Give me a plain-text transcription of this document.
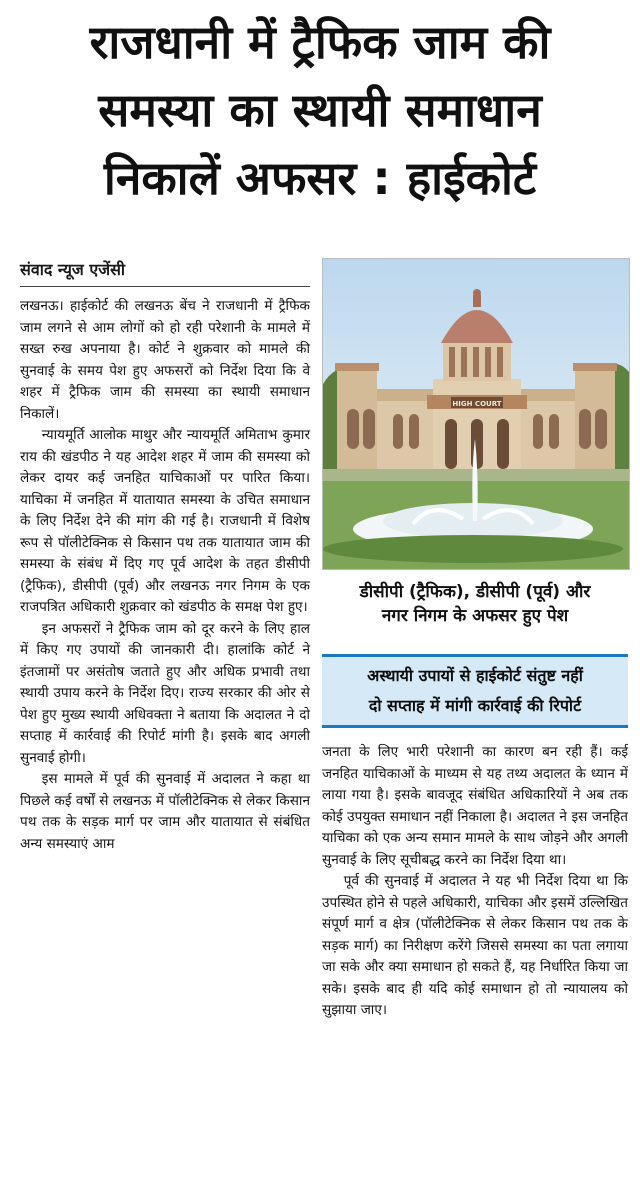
राजधानी में ट्रैफिक जाम की
समस्या का स्थायी समाधान
निकालें अफसर : हाईकोर्ट
संवाद न्यूज एजेंसी

लखनऊ। हाईकोर्ट की लखनऊ बेंच ने राजधानी में ट्रैफिक जाम लगने से आम लोगों को हो रही परेशानी के मामले में सख्त रुख अपनाया है। कोर्ट ने शुक्रवार को मामले की सुनवाई के समय पेश हुए अफसरों को निर्देश दिया कि वे शहर में ट्रैफिक जाम की समस्या का स्थायी समाधान निकालें।

न्यायमूर्ति आलोक माथुर और न्यायमूर्ति अमिताभ कुमार राय की खंडपीठ ने यह आदेश शहर में जाम की समस्या को लेकर दायर कई जनहित याचिकाओं पर पारित किया। याचिका में जनहित में यातायात समस्या के उचित समाधान के लिए निर्देश देने की मांग की गई है। राजधानी में विशेष रूप से पॉलीटेक्निक से किसान पथ तक यातायात जाम की समस्या के संबंध में दिए गए पूर्व आदेश के तहत डीसीपी (ट्रैफिक), डीसीपी (पूर्व) और लखनऊ नगर निगम के एक राजपत्रित अधिकारी शुक्रवार को खंडपीठ के समक्ष पेश हुए।

इन अफसरों ने ट्रैफिक जाम को दूर करने के लिए हाल में किए गए उपायों की जानकारी दी। हालांकि कोर्ट ने इंतजामों पर असंतोष जताते हुए और अधिक प्रभावी तथा स्थायी उपाय करने के निर्देश दिए। राज्य सरकार की ओर से पेश हुए मुख्य स्थायी अधिवक्ता ने बताया कि अदालत ने दो सप्ताह में कार्रवाई की रिपोर्ट मांगी है। इसके बाद अगली सुनवाई होगी।

इस मामले में पूर्व की सुनवाई में अदालत ने कहा था पिछले कई वर्षों से लखनऊ में पॉलीटेक्निक से लेकर किसान पथ तक के सड़क मार्ग पर जाम और यातायात से संबंधित अन्य समस्याएं आम

HIGH COURT
डीसीपी (ट्रैफिक), डीसीपी (पूर्व) और
नगर निगम के अफसर हुए पेश
अस्थायी उपायों से हाईकोर्ट संतुष्ट नहीं
दो सप्ताह में मांगी कार्रवाई की रिपोर्ट

जनता के लिए भारी परेशानी का कारण बन रही हैं। कई जनहित याचिकाओं के माध्यम से यह तथ्य अदालत के ध्यान में लाया गया है। इसके बावजूद संबंधित अधिकारियों ने अब तक कोई उपयुक्त समाधान नहीं निकाला है। अदालत ने इस जनहित याचिका को एक अन्य समान मामले के साथ जोड़ने और अगली सुनवाई के लिए सूचीबद्ध करने का निर्देश दिया था।

पूर्व की सुनवाई में अदालत ने यह भी निर्देश दिया था कि उपस्थित होने से पहले अधिकारी, याचिका और इसमें उल्लिखित संपूर्ण मार्ग व क्षेत्र (पॉलीटेक्निक से लेकर किसान पथ तक के सड़क मार्ग) का निरीक्षण करेंगे जिससे समस्या का पता लगाया जा सके और क्या समाधान हो सकते हैं, यह निर्धारित किया जा सके। इसके बाद ही यदि कोई समाधान हो तो न्यायालय को सुझाया जाए।
